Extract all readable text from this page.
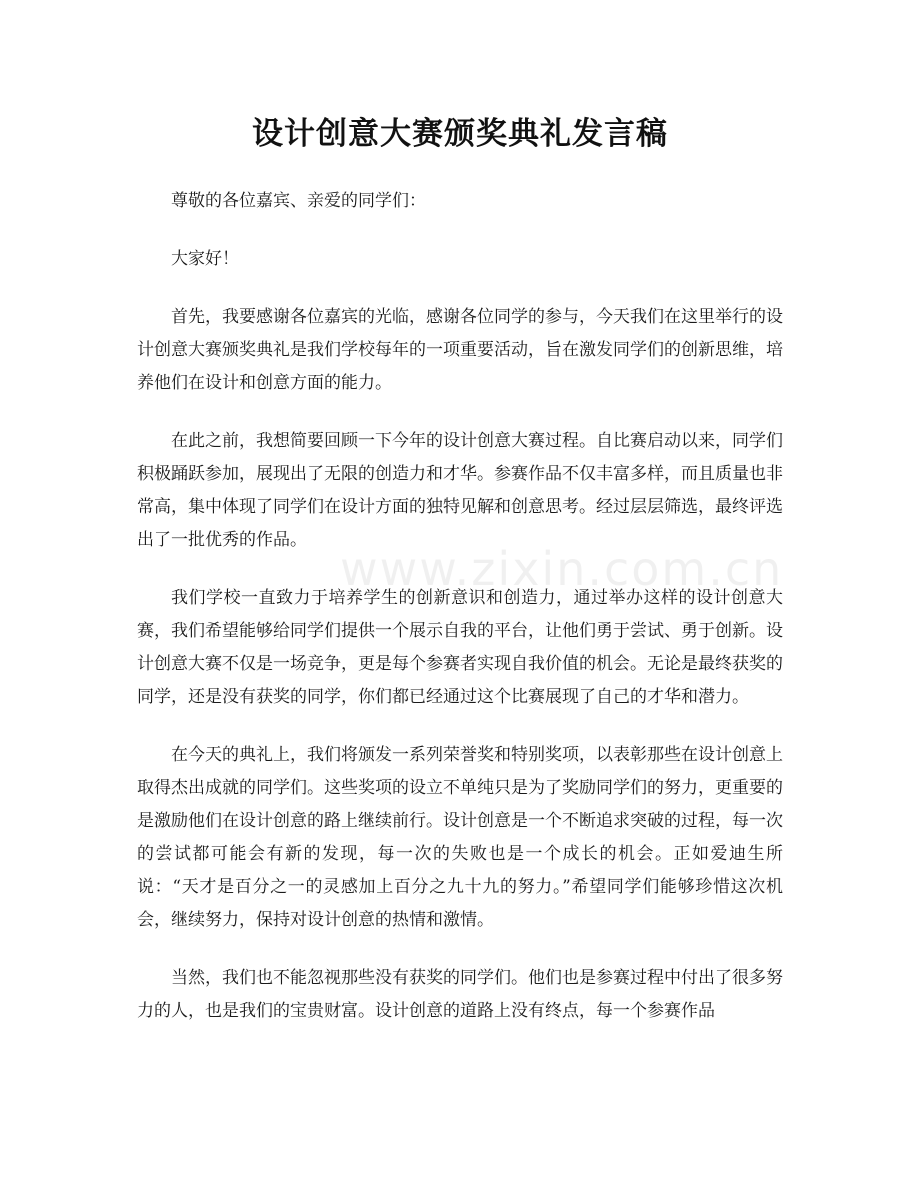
www.zixin.com.cn
设计创意大赛颁奖典礼发言稿

尊敬的各位嘉宾、亲爱的同学们：

大家好！

首先，我要感谢各位嘉宾的光临，感谢各位同学的参与，今天我们在这里举行的设计创意大赛颁奖典礼是我们学校每年的一项重要活动，旨在激发同学们的创新思维，培养他们在设计和创意方面的能力。

在此之前，我想简要回顾一下今年的设计创意大赛过程。自比赛启动以来，同学们积极踊跃参加，展现出了无限的创造力和才华。参赛作品不仅丰富多样，而且质量也非常高，集中体现了同学们在设计方面的独特见解和创意思考。经过层层筛选，最终评选出了一批优秀的作品。

我们学校一直致力于培养学生的创新意识和创造力，通过举办这样的设计创意大赛，我们希望能够给同学们提供一个展示自我的平台，让他们勇于尝试、勇于创新。设计创意大赛不仅是一场竞争，更是每个参赛者实现自我价值的机会。无论是最终获奖的同学，还是没有获奖的同学，你们都已经通过这个比赛展现了自己的才华和潜力。

在今天的典礼上，我们将颁发一系列荣誉奖和特别奖项，以表彰那些在设计创意上取得杰出成就的同学们。这些奖项的设立不单纯只是为了奖励同学们的努力，更重要的是激励他们在设计创意的路上继续前行。设计创意是一个不断追求突破的过程，每一次的尝试都可能会有新的发现，每一次的失败也是一个成长的机会。正如爱迪生所说：“天才是百分之一的灵感加上百分之九十九的努力。”希望同学们能够珍惜这次机会，继续努力，保持对设计创意的热情和激情。

当然，我们也不能忽视那些没有获奖的同学们。他们也是参赛过程中付出了很多努力的人，也是我们的宝贵财富。设计创意的道路上没有终点，每一个参赛作品
